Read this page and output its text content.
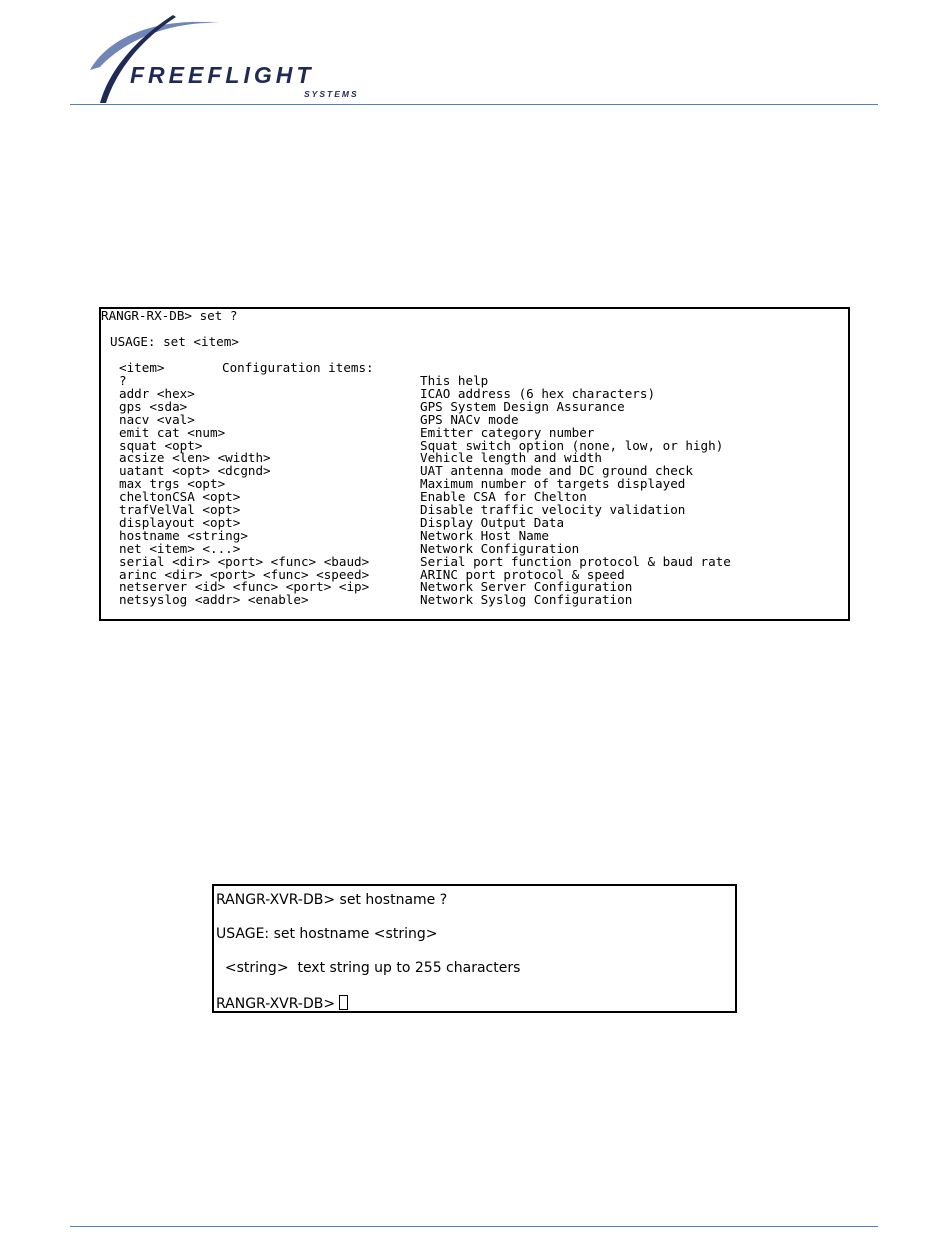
FREEFLIGHT
SYSTEMS
RANGR-RX-DB> set ?
USAGE: set <item>
<item>	Configuration items:
?	This help
addr <hex>	ICAO address (6 hex characters)
gps <sda>	GPS System Design Assurance
nacv <val>	GPS NACv mode
emit cat <num>	Emitter category number
squat <opt>	Squat switch option (none, low, or high)
acsize <len> <width>	Vehicle length and width
uatant <opt> <dcgnd>	UAT antenna mode and DC ground check
max trgs <opt>	Maximum number of targets displayed
cheltonCSA <opt>	Enable CSA for Chelton
trafVelVal <opt>	Disable traffic velocity validation
displayout <opt>	Display Output Data
hostname <string>	Network Host Name
net <item> <...>	Network Configuration
serial <dir> <port> <func> <baud>	Serial port function protocol & baud rate
arinc <dir> <port> <func> <speed>	ARINC port protocol & speed
netserver <id> <func> <port> <ip>	Network Server Configuration
netsyslog <addr> <enable>	Network Syslog Configuration
RANGR-XVR-DB> set hostname ?
USAGE: set hostname <string>
<string>  text string up to 255 characters
RANGR-XVR-DB>
